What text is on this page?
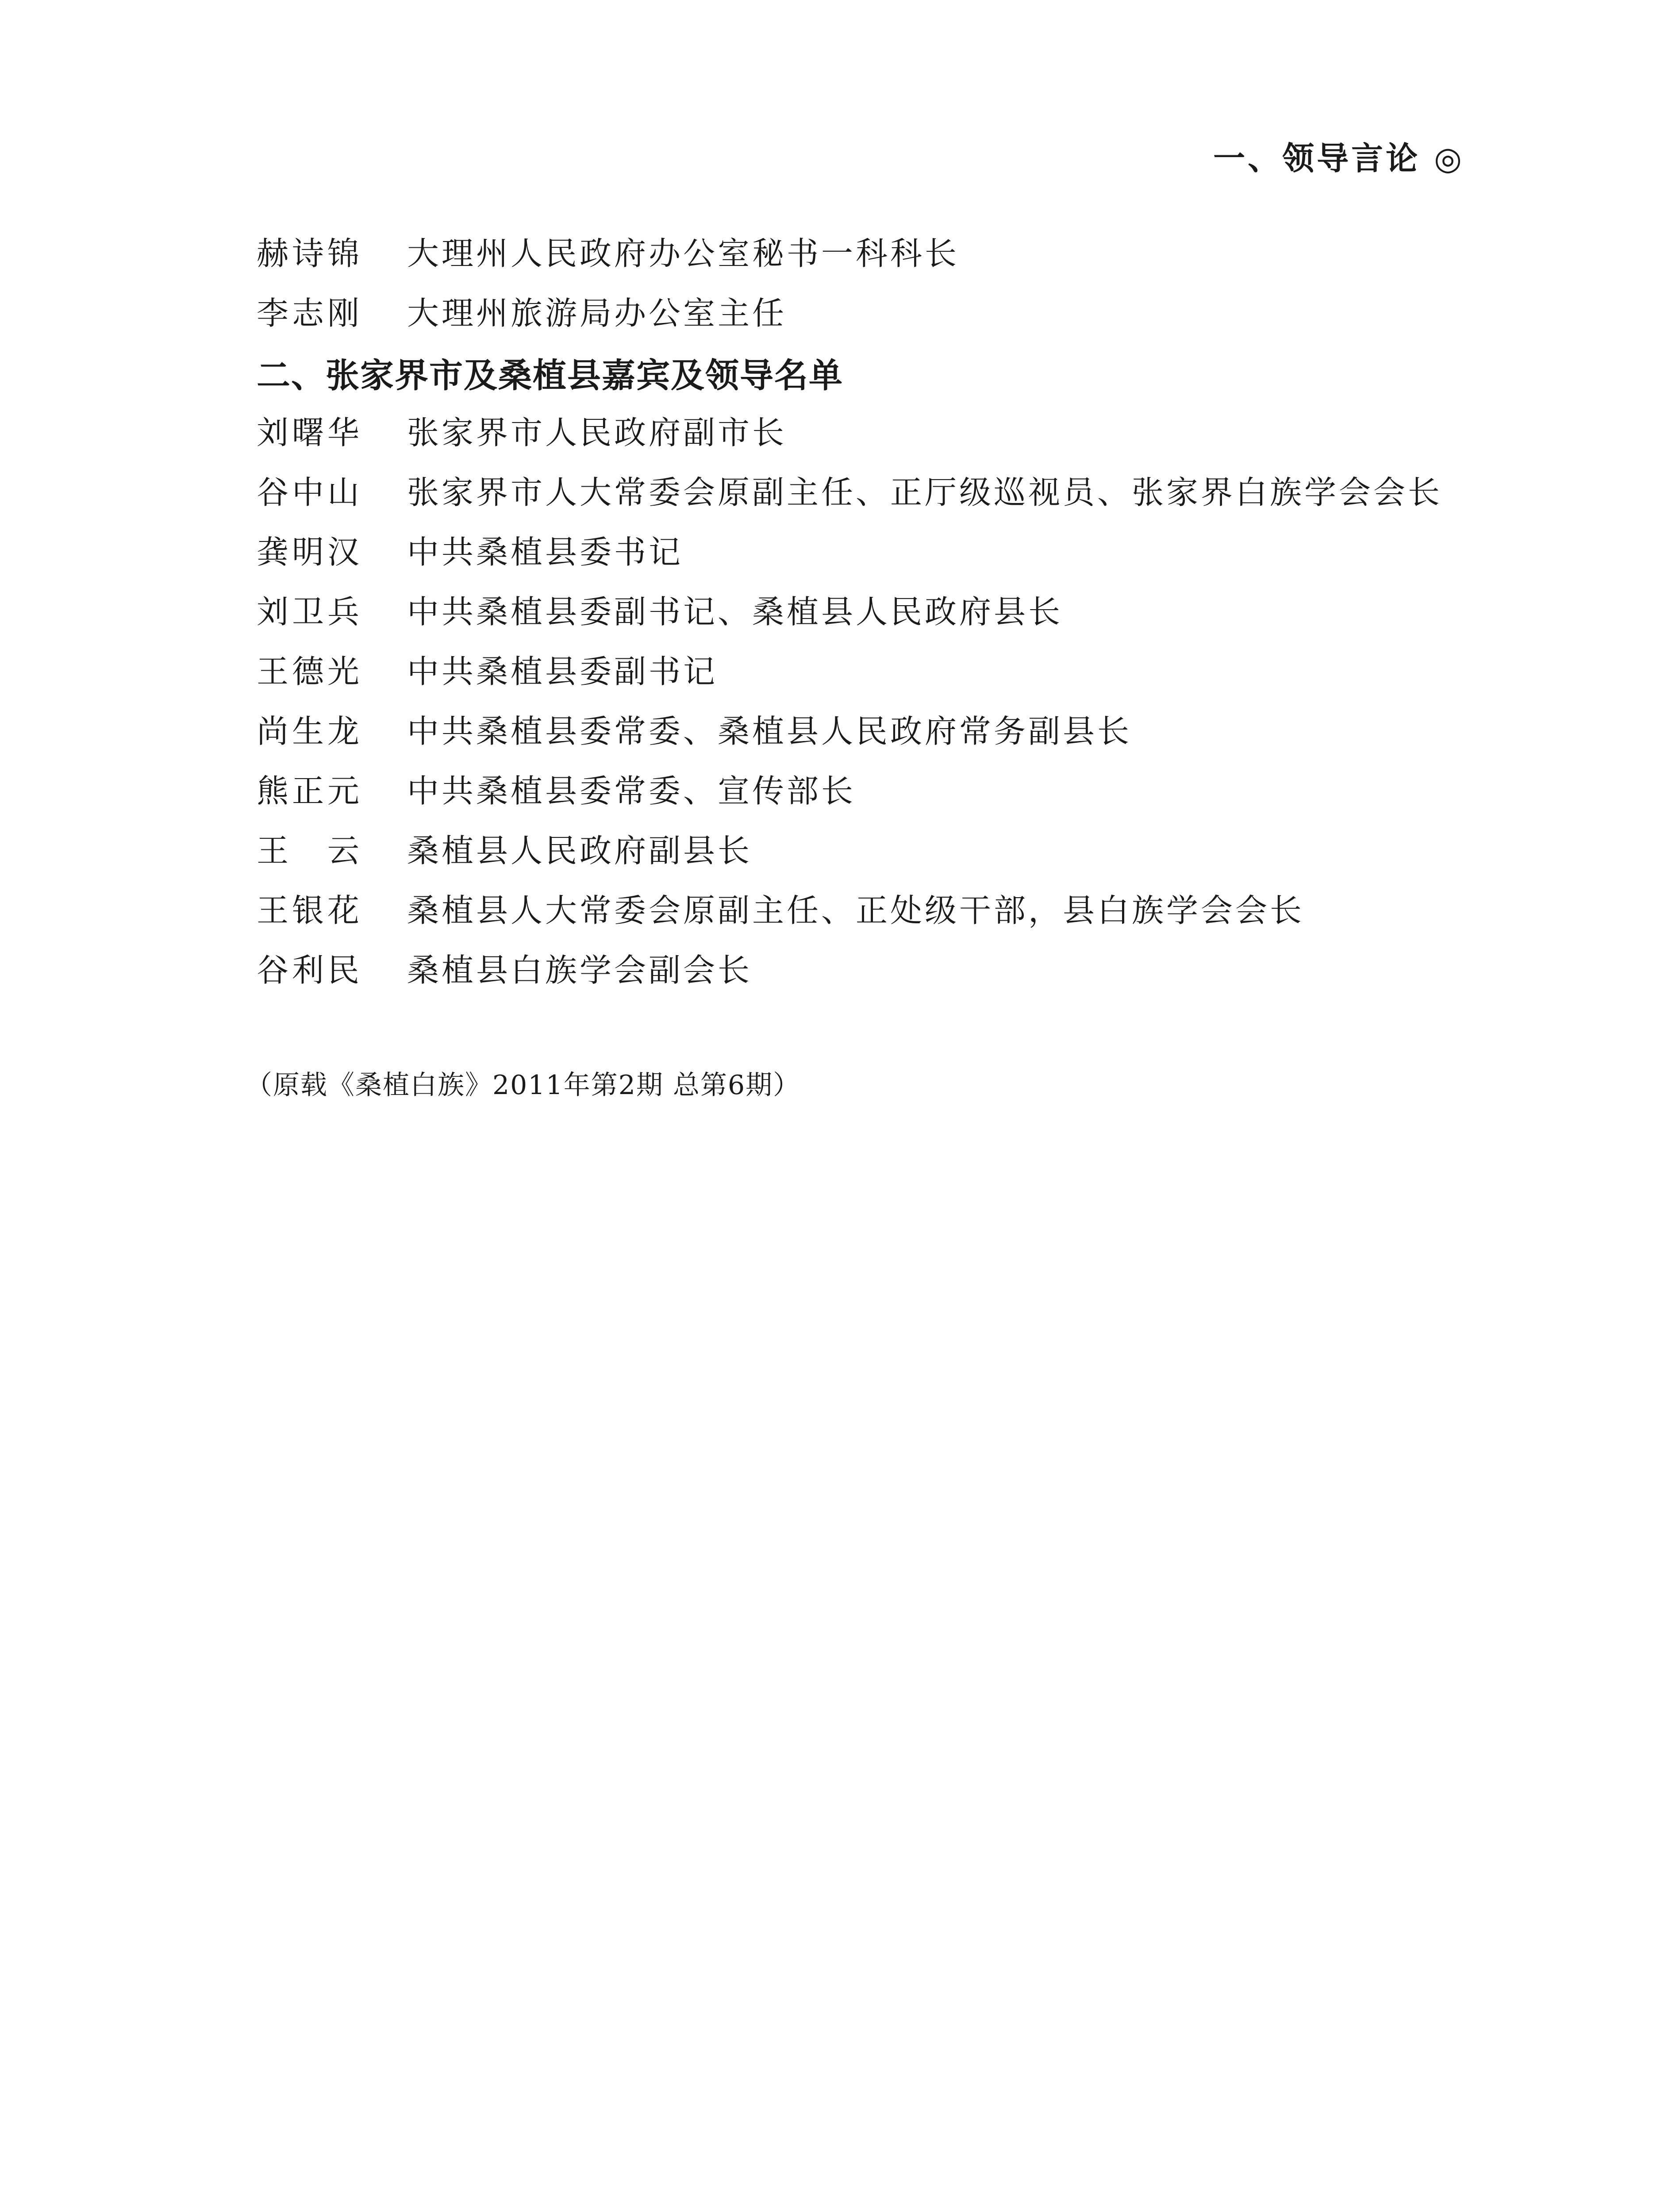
一、领导言论 ◎
赫诗锦	大理州人民政府办公室秘书一科科长
李志刚	大理州旅游局办公室主任
二、张家界市及桑植县嘉宾及领导名单
刘曙华	张家界市人民政府副市长
谷中山	张家界市人大常委会原副主任、正厅级巡视员、张家界白族学会会长
龚明汉	中共桑植县委书记
刘卫兵	中共桑植县委副书记、桑植县人民政府县长
王德光	中共桑植县委副书记
尚生龙	中共桑植县委常委、桑植县人民政府常务副县长
熊正元	中共桑植县委常委、宣传部长
王　云	桑植县人民政府副县长
王银花	桑植县人大常委会原副主任、正处级干部，县白族学会会长
谷利民	桑植县白族学会副会长
（原载《桑植白族》2011年第2期 总第6期）
